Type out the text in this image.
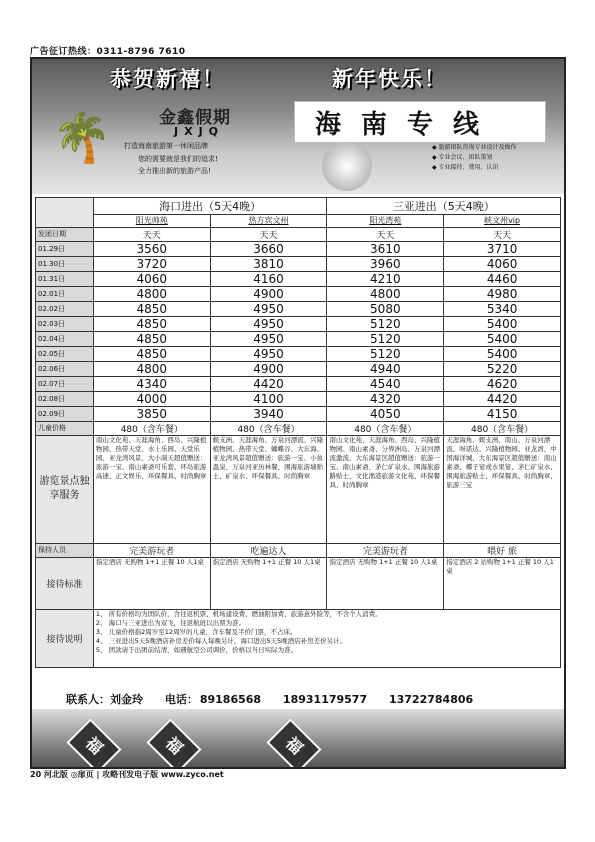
广告征订热线：0311-8796 7610
恭贺新禧！	新年快乐！
🌴	金鑫假期
JXJQ
打造海南旅游第一休闲品牌
您的需要就是我们的追求!
全力推出新的旅游产品!
海南专线
◆ 旅游团队咨询专业设计及操作
◆ 专业会议、团队策划
◆ 专业接待、费用、认识
	海口进出（5天4晚）		三亚进出（5天4晚）	
	阳光帅苑	热方宾文州	阳光湾苑	峡文州vip
发团日期	天天	天天	天天	天天
01.29日	3560	3660	3610	3710
01.30日	3720	3810	3960	4060
01.31日	4060	4160	4210	4460
02.01日	4800	4900	4800	4980
02.02日	4850	4950	5080	5340
02.03日	4850	4950	5120	5400
02.04日	4850	4950	5120	5400
02.05日	4850	4950	5120	5400
02.06日	4800	4900	4940	5220
02.07日	4340	4420	4540	4620
02.08日	4000	4100	4320	4420
02.09日	3850	3940	4050	4150
儿童价格	480（含车餐）	480（含车餐）	480（含车餐）	480（含车餐）
游览景点独享服务	南山文化苑、天涯海角、西岛、兴隆植物园、热带天堂、水上乐园、天堂乐园、亚龙湾风景、大小洞天超值赠送：旅游一宝、南山素斋可乐套、环岛旅游高速、正文娱乐、环保餐具、时尚胸章	蜈支洲、天涯海角、万泉河漂流、兴隆植物园、热带天堂、蝴蝶谷、大东海、亚龙湾风景超值赠送：旅游一宝、小鱼温泉、万泉河亚历林餐、围海旅游墙贴士、矿泉水、环保餐具、时尚胸章	南山文化苑、天涯海角、西岛、兴隆植物园、南山素斋、分界洲岛、万泉河漂流激流、大东海景区超值赠送：旅游一宝、南山素斋、茅仁矿泉水、围海旅游路贴士、文化渔港旅游文化苑、环保餐具、时尚胸章	天涯海角、蜈支洲、南山、万泉河漂流、呀诺达、兴隆植物园、亚龙湾、中国海洋城、大东海景区超值赠送：南山素斋、椰子宴或水果宴、茅仁矿泉水、围海旅游贴士、环保餐具、时尚胸章、旅游三宝
保持人员	完美游玩者	吃遍达人	完美游玩者	喂好 旅
接待标准	指定酒店 无购物 1+1 正餐 10 人1桌	指定酒店 无购物 1+1 正餐 10 人1桌	指定酒店 无购物 1+1 正餐 10 人1桌	指定酒店 2 站购物 1+1 正餐 10 人1桌
接待说明	1、 所有价格均为团队价，含往返机票、机场建设费、燃油附加费、旅游意外险等，不含个人消费。
2、 海口与三亚进出为双飞，往返航班以出票为准。
3、 儿童价格指2周岁至12周岁的儿童，含车餐及半价门票，不占床。
4、 三亚进出5天5晚酒店补房差价每人每晚另计，海口进出5天5晚酒店补房差价另计。
5、 团款请于出团前结清，如遇航空公司调价，价格以当日实际为准。			
联系人：刘金玲 电话： 89186568 18931179577 13722784806
福	福	福
20 河北版 ◎扉页 | 攻略刊发电子版 www.zyco.net
